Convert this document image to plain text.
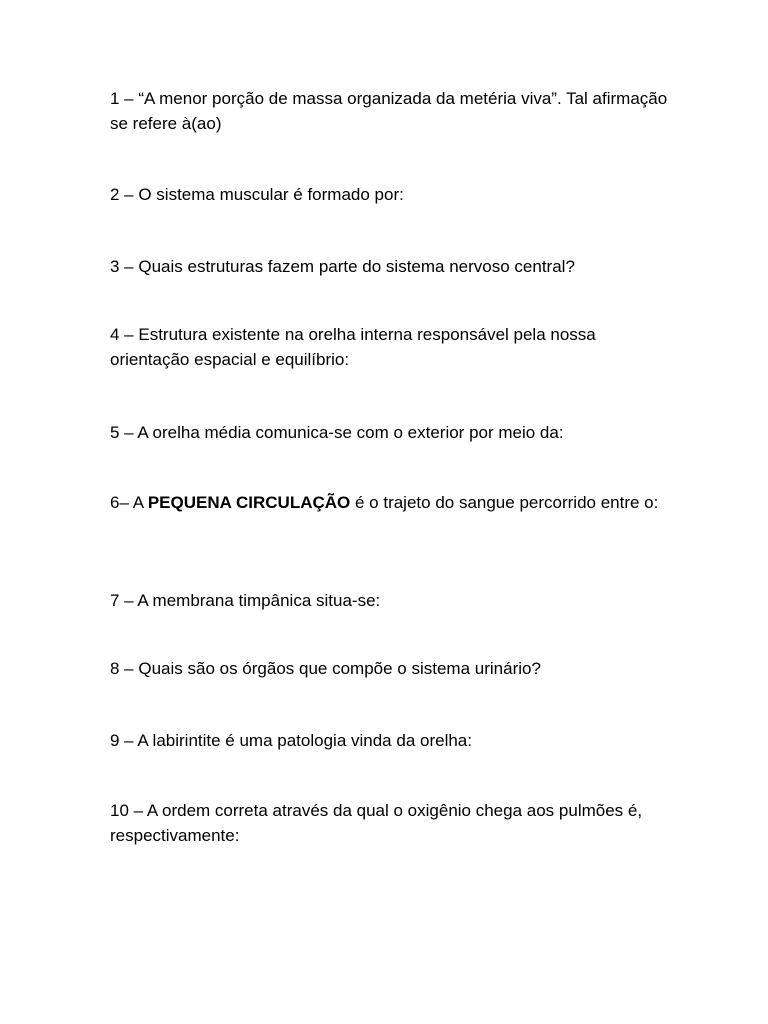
1 – “A menor porção de massa organizada da metéria viva”. Tal afirmação se refere à(ao)

2 – O sistema muscular é formado por:

3 – Quais estruturas fazem parte do sistema nervoso central?

4 – Estrutura existente na orelha interna responsável pela nossa orientação espacial e equilíbrio:

5 – A orelha média comunica-se com o exterior por meio da:

6– A PEQUENA CIRCULAÇÃO é o trajeto do sangue percorrido entre o:

7 – A membrana timpânica situa-se:

8 – Quais são os órgãos que compõe o sistema urinário?

9 – A labirintite é uma patologia vinda da orelha:

10 – A ordem correta através da qual o oxigênio chega aos pulmões é, respectivamente:
